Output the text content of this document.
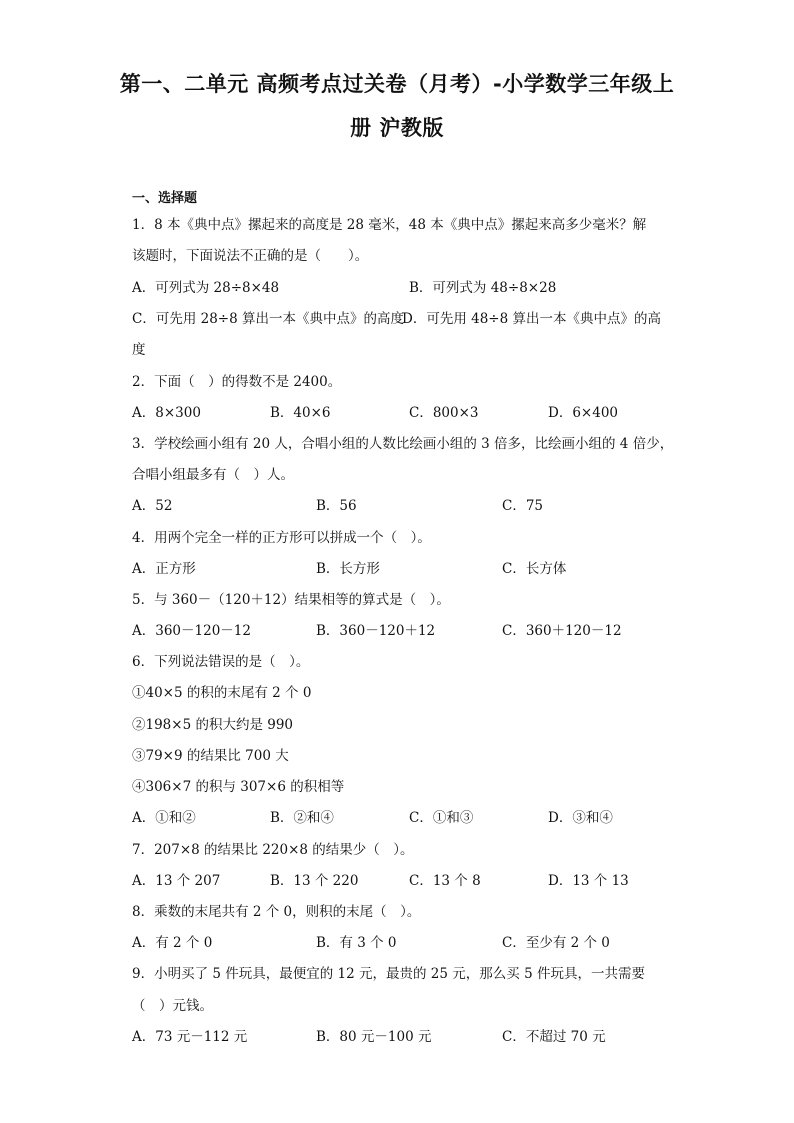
第一、二单元 高频考点过关卷（月考）-小学数学三年级上
册 沪教版
一、选择题
1．8 本《典中点》摞起来的高度是 28 毫米，48 本《典中点》摞起来高多少毫米？解
该题时，下面说法不正确的是（　　）。
A．可列式为 28÷8×48	B．可列式为 48÷8×28
C．可先用 28÷8 算出一本《典中点》的高度
D．可先用 48÷8 算出一本《典中点》的高
度
2．下面（　）的得数不是 2400。
A．8×300	B．40×6	C．800×3	D．6×400
3．学校绘画小组有 20 人，合唱小组的人数比绘画小组的 3 倍多，比绘画小组的 4 倍少，
合唱小组最多有（　）人。
A．52	B．56	C．75
4．用两个完全一样的正方形可以拼成一个（　）。
A．正方形	B．长方形	C．长方体
5．与 360－（120＋12）结果相等的算式是（　）。
A．360－120－12	B．360－120＋12	C．360＋120－12
6．下列说法错误的是（　）。
①40×5 的积的末尾有 2 个 0
②198×5 的积大约是 990
③79×9 的结果比 700 大
④306×7 的积与 307×6 的积相等
A．①和②	B．②和④	C．①和③	D．③和④
7．207×8 的结果比 220×8 的结果少（　）。
A．13 个 207	B．13 个 220	C．13 个 8	D．13 个 13
8．乘数的末尾共有 2 个 0，则积的末尾（　）。
A．有 2 个 0	B．有 3 个 0	C．至少有 2 个 0
9．小明买了 5 件玩具，最便宜的 12 元，最贵的 25 元，那么买 5 件玩具，一共需要
（　）元钱。
A．73 元－112 元	B．80 元－100 元	C．不超过 70 元
